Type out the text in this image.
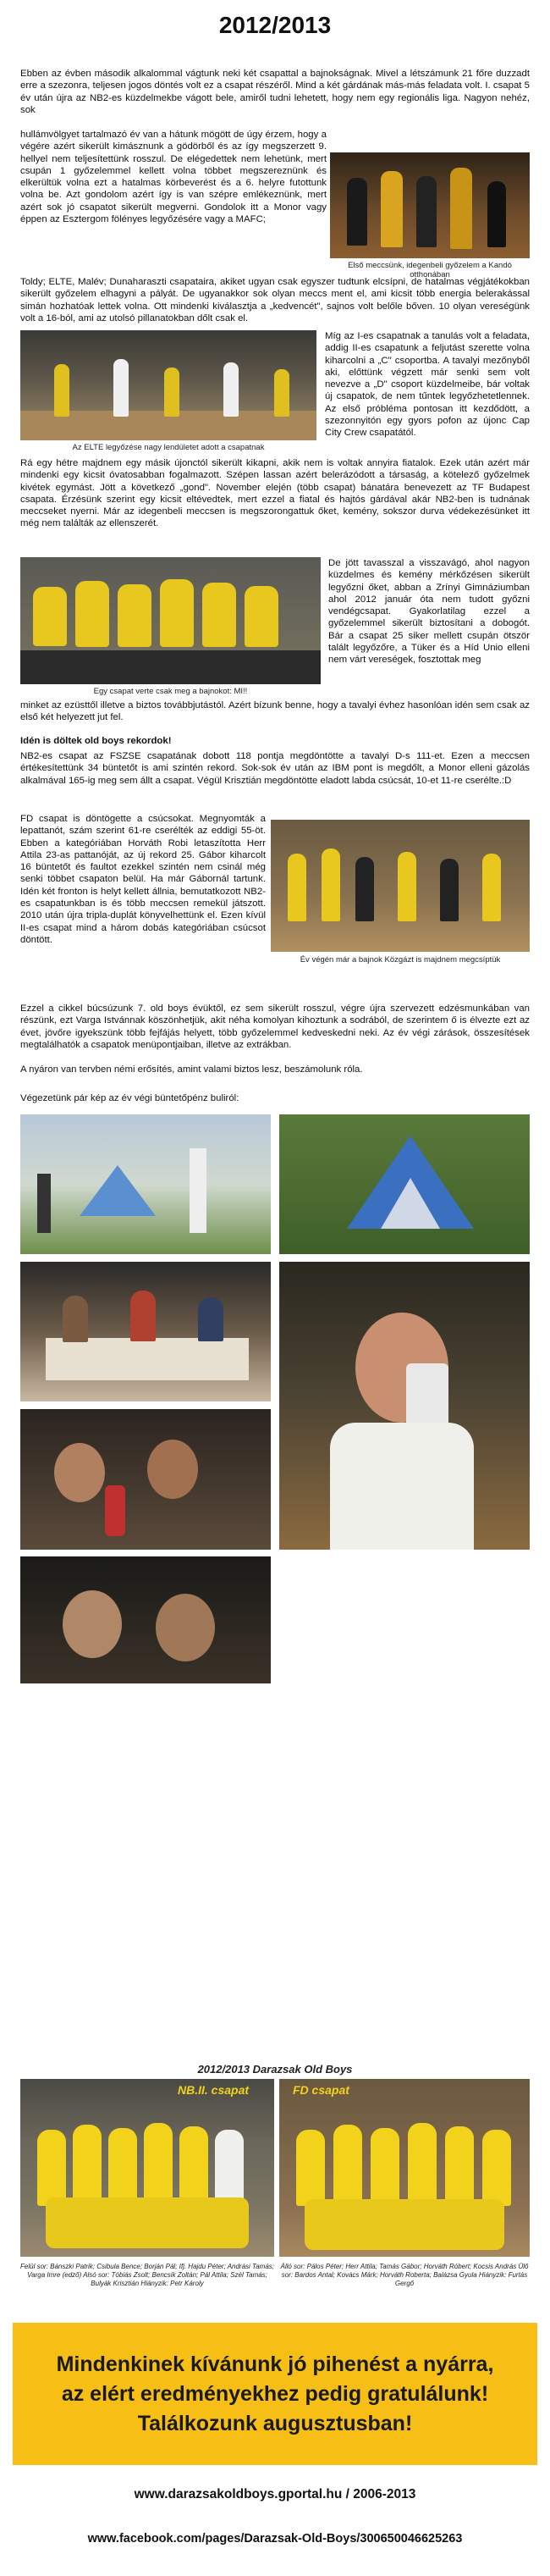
2012/2013

Ebben az évben második alkalommal vágtunk neki két csapattal a bajnokságnak. Mivel a létszámunk 21 főre duzzadt erre a szezonra, teljesen jogos döntés volt ez a csapat részéről. Mind a két gárdának más-más feladata volt. I. csapat 5 év után újra az NB2-es küzdelmekbe vágott bele, amiről tudni lehetett, hogy nem egy regionális liga. Nagyon nehéz, sok

hullámvölgyet tartalmazó év van a hátunk mögött de úgy érzem, hogy a végére azért sikerült kimásznunk a gödörből és az így megszerzett 9. hellyel nem teljesítettünk rosszul. De elégedettek nem lehetünk, mert csupán 1 győzelemmel kellett volna többet megszereznünk és elkerültük volna ezt a hatalmas körbeverést és a 6. helyre futottunk volna be. Azt gondolom azért így is van szépre emlékeznünk, mert azért sok jó csapatot sikerült megverni. Gondolok itt a Monor vagy éppen az Esztergom fölényes legyőzésére vagy a MAFC;

Első meccsünk, idegenbeli győzelem a Kandó otthonában

Toldy; ELTE, Malév; Dunaharaszti csapataira, akiket ugyan csak egyszer tudtunk elcsípni, de hatalmas végjátékokban sikerült győzelem elhagyni a pályát. De ugyanakkor sok olyan meccs ment el, ami kicsit több energia belerakással simán hozhatóak lettek volna. Ott mindenki kiválasztja a „kedvencét", sajnos volt belőle bőven. 10 olyan vereségünk volt a 16-ból, ami az utolsó pillanatokban dőlt csak el.

Az ELTE legyőzése nagy lendületet adott a csapatnak

Míg az I-es csapatnak a tanulás volt a feladata, addig II-es csapatunk a feljutást szerette volna kiharcolni a „C" csoportba. A tavalyi mezőnyből aki, előttünk végzett már senki sem volt nevezve a „D" csoport küzdelmeibe, bár voltak új csapatok, de nem tűntek legyőzhetetlennek. Az első próbléma pontosan itt kezdődött, a szezonnyitón egy gyors pofon az újonc Cap City Crew csapatától.

Rá egy hétre majdnem egy másik újonctól sikerült kikapni, akik nem is voltak annyira fiatalok. Ezek után azért már mindenki egy kicsit óvatosabban fogalmazott. Szépen lassan azért belerázódott a társaság, a kötelező győzelmek kivétek egymást. Jött a következő „gond". November elején (több csapat) bánatára benevezett az TF Budapest csapata. Érzésünk szerint egy kicsit eltévedtek, mert ezzel a fiatal és hajtós gárdával akár NB2-ben is tudnának meccseket nyerni. Már az idegenbeli meccsen is megszorongattuk őket, kemény, sokszor durva védekezésünket itt még nem találták az ellenszerét.

Egy csapat verte csak meg a bajnokot: MI!!

De jött tavasszal a visszavágó, ahol nagyon küzdelmes és kemény mérkőzésen sikerült legyőzni őket, abban a Zrínyi Gimnáziumban ahol 2012 január óta nem tudott győzni vendégcsapat. Gyakorlatilag ezzel a győzelemmel sikerült biztosítani a dobogót. Bár a csapat 25 siker mellett csupán ötször talált legyőzőre, a Tüker és a Híd Unio elleni nem várt vereségek, fosztottak meg

minket az ezüsttől illetve a biztos továbbjutástól. Azért bízunk benne, hogy a tavalyi évhez hasonlóan idén sem csak az első két helyezett jut fel.

Idén is döltek old boys rekordok!

NB2-es csapat az FSZSE csapatának dobott 118 pontja megdöntötte a tavalyi D-s 111-et. Ezen a meccsen értékesítettünk 34 büntetőt is ami szintén rekord. Sok-sok év után az IBM pont is megdőlt, a Monor elleni gázolás alkalmával 165-ig meg sem állt a csapat. Végül Krisztián megdöntötte eladott labda csúcsát, 10-et 11-re cserélte.:D

FD csapat is döntögette a csúcsokat. Megnyomták a lepattanót, szám szerint 61-re cserélték az eddigi 55-öt. Ebben a kategóriában Horváth Robi letaszította Herr Attila 23-as pattanóját, az új rekord 25. Gábor kiharcolt 16 büntetőt és faultot ezekkel szintén nem csinál még senki többet csapaton belül. Ha már Gábornál tartunk. Idén két fronton is helyt kellett állnia, bemutatkozott NB2-es csapatunkban is és több meccsen remekül játszott. 2010 után újra tripla-duplát könyvelhettünk el. Ezen kívül II-es csapat mind a három dobás kategóriában csúcsot döntött.

Év végén már a bajnok Közgázt is majdnem megcsíptük

Ezzel a cikkel búcsúzunk 7. old boys évüktől, ez sem sikerült rosszul, végre újra szervezett edzésmunkában van részünk, ezt Varga Istvánnak köszönhetjük, akit néha komolyan kihoztunk a sodrából, de szerintem ő is élvezte ezt az évet, jövőre igyekszünk több fejfájás helyett, több győzelemmel kedveskedni neki. Az év végi zárások, összesítések megtalálhatók a csapatok menüpontjaiban, illetve az extrákban.

A nyáron van tervben némi erősítés, amint valami biztos lesz, beszámolunk róla.

Végezetünk pár kép az év végi büntetőpénz buliról:

2012/2013 Darazsak Old Boys
NB.II. csapat	FD csapat
Felül sor: Bánszki Patrik; Csibula Bence; Borján Pál; Ifj. Hajdu Péter; Andrási Tamás; Varga Imre (edző) Alsó sor: Tóbiás Zsolt; Bencsik Zoltán; Pál Attila; Szél Tamás; Bulyák Krisztián Hiányzik: Petr Károly
Álló sor: Pálos Péter; Herr Attila; Tamás Gábor; Horváth Róbert; Kocsis András Ülő sor: Bardos Antal; Kovács Márk; Horváth Roberta; Balázsa Gyula Hiányzik: Furtás Gergő

Mindenkinek kívánunk jó pihenést a nyárra,

az elért eredményekhez pedig gratulálunk!

Találkozunk augusztusban!

www.darazsakoldboys.gportal.hu / 2006-2013
www.facebook.com/pages/Darazsak-Old-Boys/300650046625263
